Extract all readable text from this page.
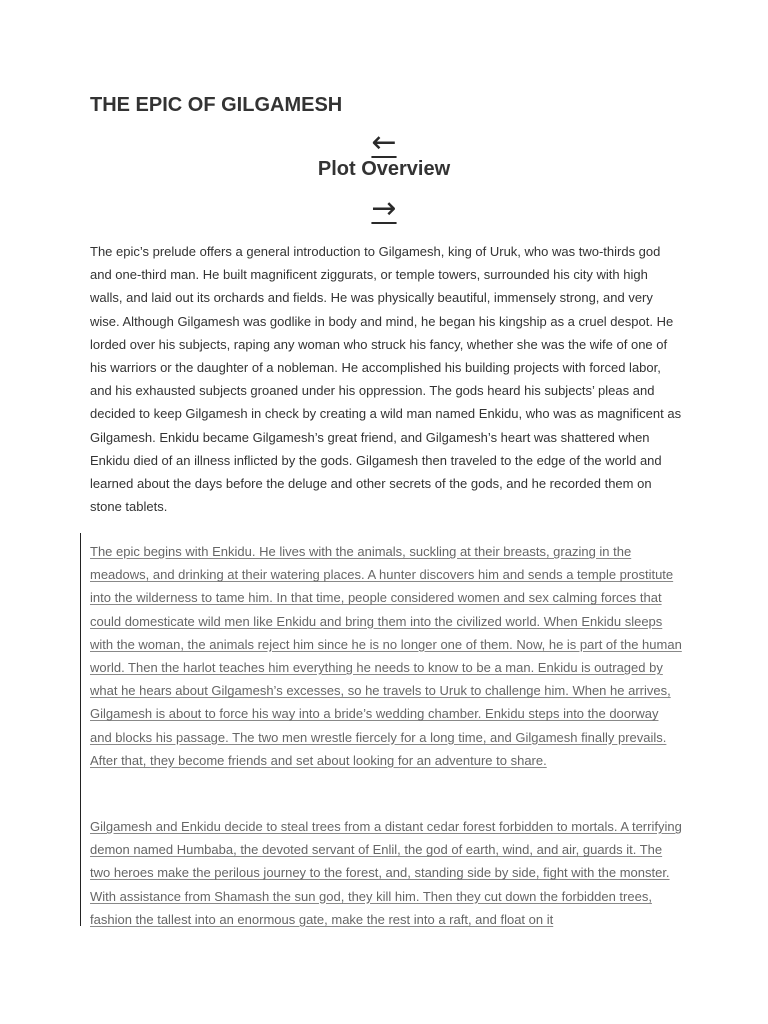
THE EPIC OF GILGAMESH
←
Plot Overview
→

The epic’s prelude offers a general introduction to Gilgamesh, king of Uruk, who was two-thirds god and one-third man. He built magnificent ziggurats, or temple towers, surrounded his city with high walls, and laid out its orchards and fields. He was physically beautiful, immensely strong, and very wise. Although Gilgamesh was godlike in body and mind, he began his kingship as a cruel despot. He lorded over his subjects, raping any woman who struck his fancy, whether she was the wife of one of his warriors or the daughter of a nobleman. He accomplished his building projects with forced labor, and his exhausted subjects groaned under his oppression. The gods heard his subjects’ pleas and decided to keep Gilgamesh in check by creating a wild man named Enkidu, who was as magnificent as Gilgamesh. Enkidu became Gilgamesh’s great friend, and Gilgamesh’s heart was shattered when Enkidu died of an illness inflicted by the gods. Gilgamesh then traveled to the edge of the world and learned about the days before the deluge and other secrets of the gods, and he recorded them on stone tablets.

The epic begins with Enkidu. He lives with the animals, suckling at their breasts, grazing in the meadows, and drinking at their watering places. A hunter discovers him and sends a temple prostitute into the wilderness to tame him. In that time, people considered women and sex calming forces that could domesticate wild men like Enkidu and bring them into the civilized world. When Enkidu sleeps with the woman, the animals reject him since he is no longer one of them. Now, he is part of the human world. Then the harlot teaches him everything he needs to know to be a man. Enkidu is outraged by what he hears about Gilgamesh’s excesses, so he travels to Uruk to challenge him. When he arrives, Gilgamesh is about to force his way into a bride’s wedding chamber. Enkidu steps into the doorway and blocks his passage. The two men wrestle fiercely for a long time, and Gilgamesh finally prevails. After that, they become friends and set about looking for an adventure to share.

Gilgamesh and Enkidu decide to steal trees from a distant cedar forest forbidden to mortals. A terrifying demon named Humbaba, the devoted servant of Enlil, the god of earth, wind, and air, guards it. The two heroes make the perilous journey to the forest, and, standing side by side, fight with the monster. With assistance from Shamash the sun god, they kill him. Then they cut down the forbidden trees, fashion the tallest into an enormous gate, make the rest into a raft, and float on it
